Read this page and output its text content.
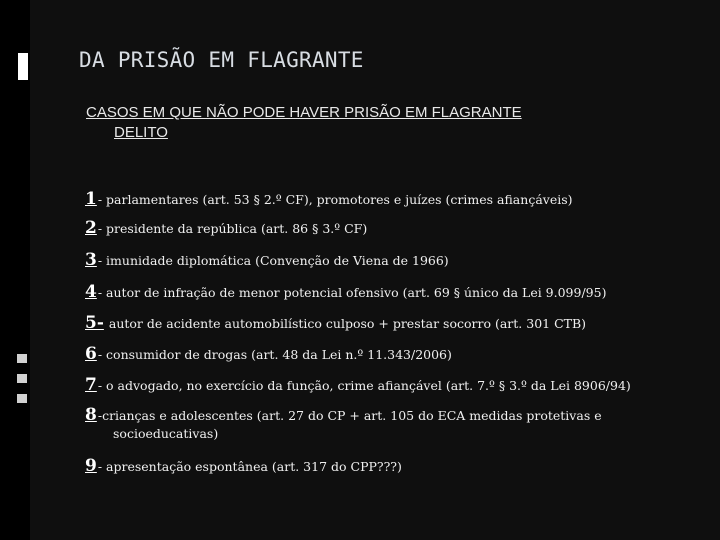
DA PRISÃO EM FLAGRANTE
CASOS EM QUE NÃO PODE HAVER PRISÃO EM FLAGRANTE
DELITO
1- parlamentares (art. 53 § 2.º CF), promotores e juízes (crimes afiançáveis)
2- presidente da república (art. 86 § 3.º CF)
3- imunidade diplomática (Convenção de Viena de 1966)
4- autor de infração de menor potencial ofensivo (art. 69 § único da Lei 9.099/95)
5- autor de acidente automobilístico culposo + prestar socorro (art. 301 CTB)
6- consumidor de drogas (art. 48 da Lei n.º 11.343/2006)
7- o advogado, no exercício da função, crime afiançável (art. 7.º § 3.º da Lei 8906/94)
8-crianças e adolescentes (art. 27 do CP + art. 105 do ECA medidas protetivas e
socioeducativas)
9- apresentação espontânea (art. 317 do CPP???)
